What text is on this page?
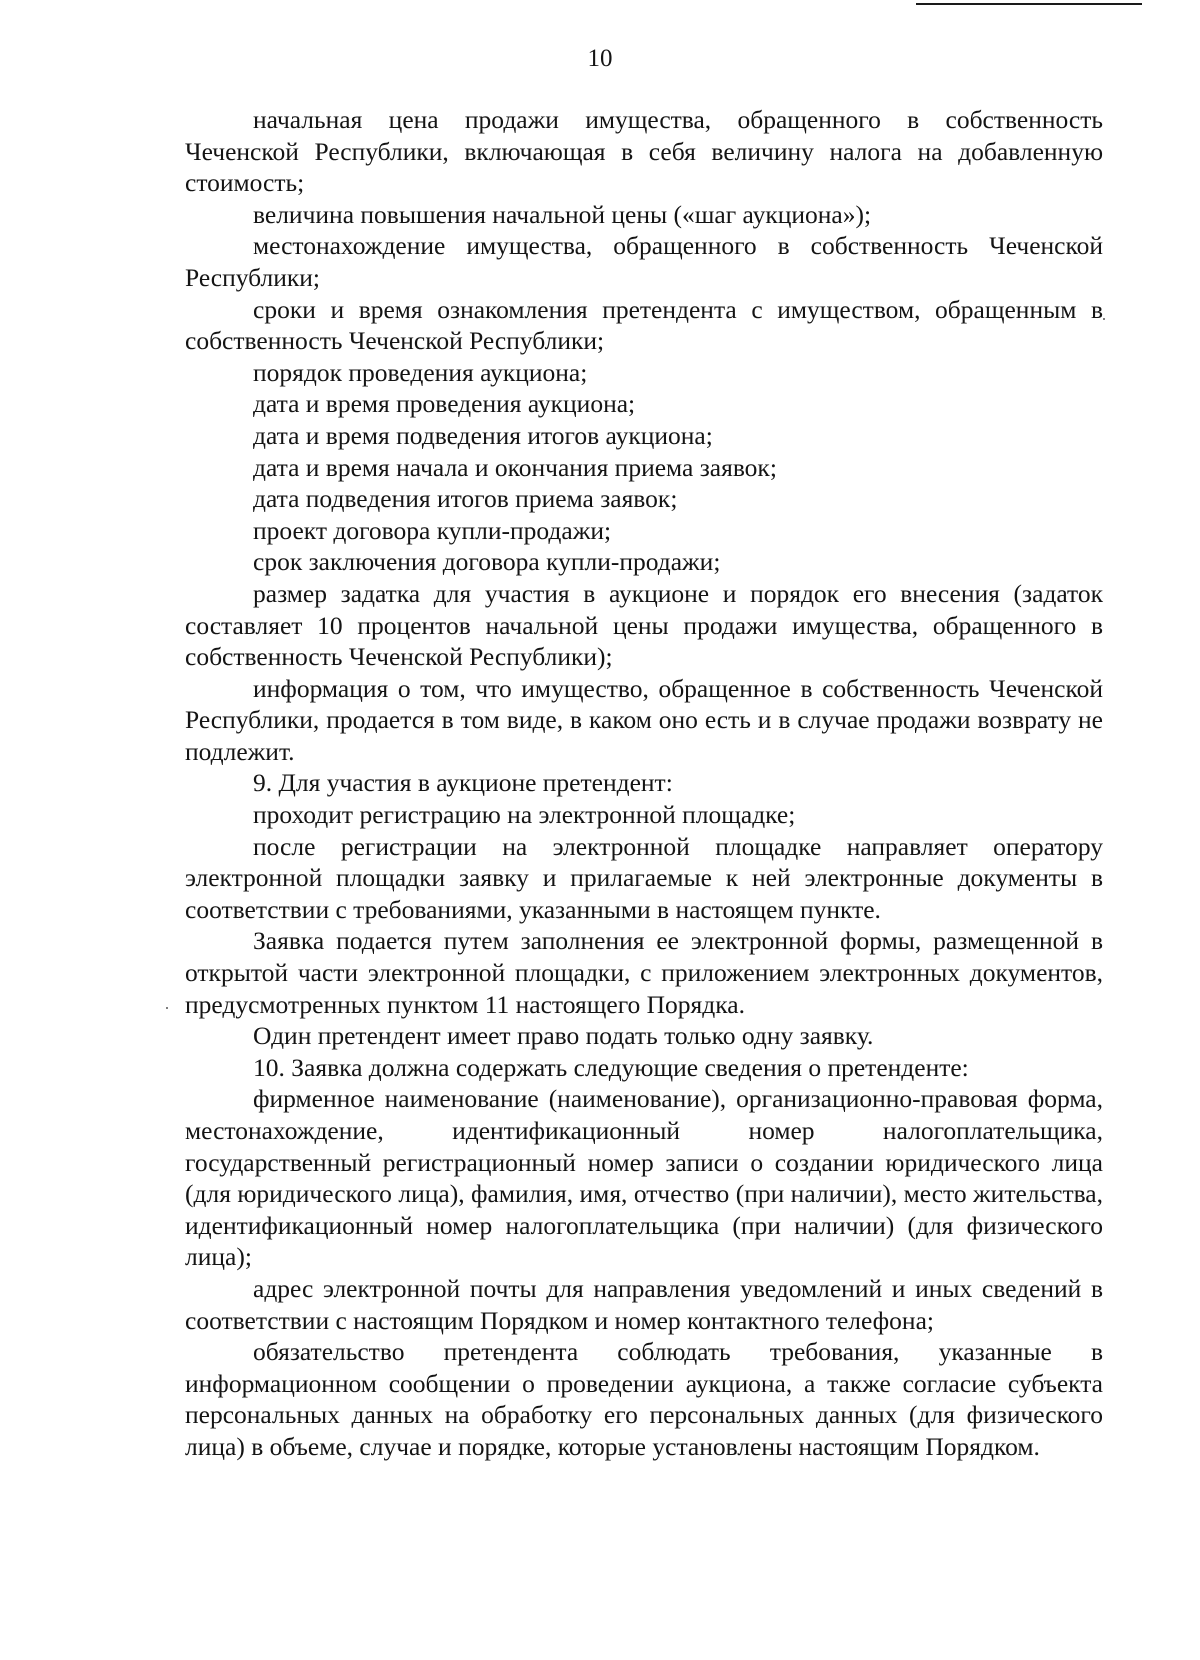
10

начальная цена продажи имущества, обращенного в собственность Чеченской Республики, включающая в себя величину налога на добавленную стоимость;

величина повышения начальной цены («шаг аукциона»);

местонахождение имущества, обращенного в собственность Чеченской Республики;

сроки и время ознакомления претендента с имуществом, обращенным в собственность Чеченской Республики;

порядок проведения аукциона;

дата и время проведения аукциона;

дата и время подведения итогов аукциона;

дата и время начала и окончания приема заявок;

дата подведения итогов приема заявок;

проект договора купли-продажи;

срок заключения договора купли-продажи;

размер задатка для участия в аукционе и порядок его внесения (задаток составляет 10 процентов начальной цены продажи имущества, обращенного в собственность Чеченской Республики);

информация о том, что имущество, обращенное в собственность Чеченской Республики, продается в том виде, в каком оно есть и в случае продажи возврату не подлежит.

9. Для участия в аукционе претендент:

проходит регистрацию на электронной площадке;

после регистрации на электронной площадке направляет оператору электронной площадки заявку и прилагаемые к ней электронные документы в соответствии с требованиями, указанными в настоящем пункте.

Заявка подается путем заполнения ее электронной формы, размещенной в открытой части электронной площадки, с приложением электронных документов, предусмотренных пунктом 11 настоящего Порядка.

Один претендент имеет право подать только одну заявку.

10. Заявка должна содержать следующие сведения о претенденте:

фирменное наименование (наименование), организационно-правовая форма, местонахождение, идентификационный номер налогоплательщика, государственный регистрационный номер записи о создании юридического лица (для юридического лица), фамилия, имя, отчество (при наличии), место жительства, идентификационный номер налогоплательщика (при наличии) (для физического лица);

адрес электронной почты для направления уведомлений и иных сведений в соответствии с настоящим Порядком и номер контактного телефона;

обязательство претендента соблюдать требования, указанные в информационном сообщении о проведении аукциона, а также согласие субъекта персональных данных на обработку его персональных данных (для физического лица) в объеме, случае и порядке, которые установлены настоящим Порядком.
